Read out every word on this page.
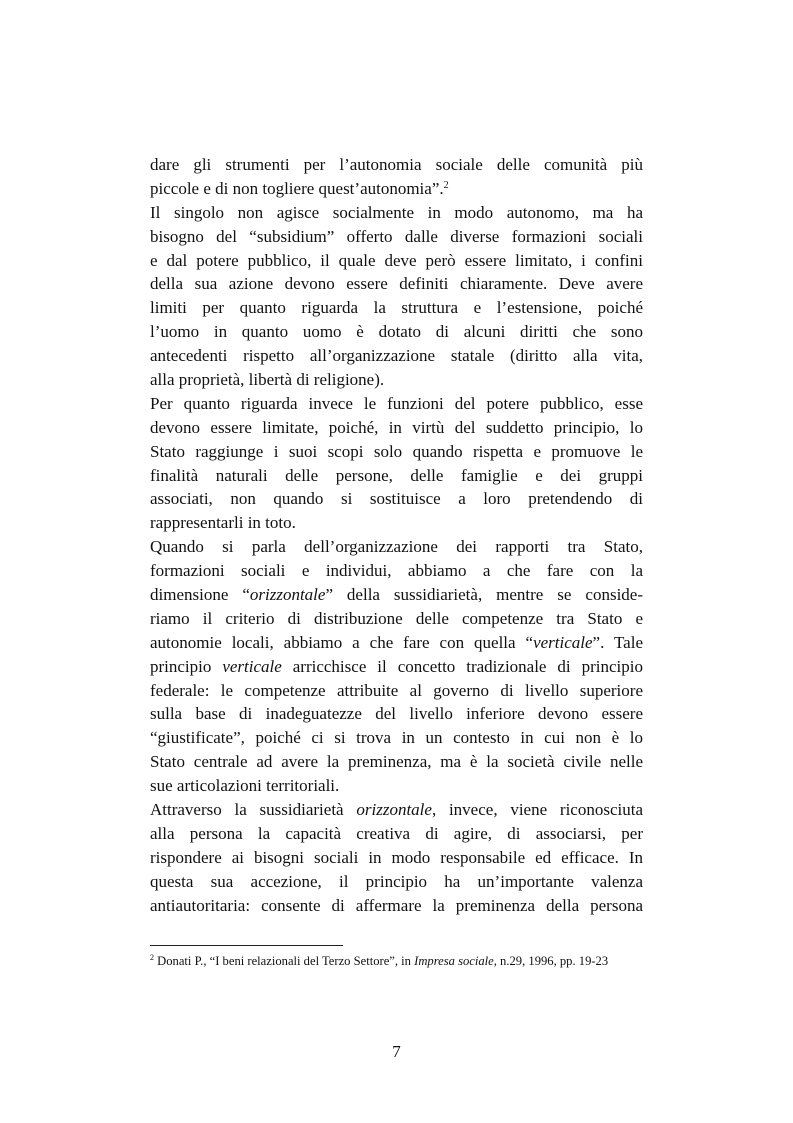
dare gli strumenti per l’autonomia sociale delle comunità più
piccole e di non togliere quest’autonomia”.$^2$
Il singolo non agisce socialmente in modo autonomo, ma ha
bisogno del “subsidium” offerto dalle diverse formazioni sociali
e dal potere pubblico, il quale deve però essere limitato, i confini
della sua azione devono essere definiti chiaramente. Deve avere
limiti per quanto riguarda la struttura e l’estensione, poiché
l’uomo in quanto uomo è dotato di alcuni diritti che sono
antecedenti rispetto all’organizzazione statale (diritto alla vita,
alla proprietà, libertà di religione).
Per quanto riguarda invece le funzioni del potere pubblico, esse
devono essere limitate, poiché, in virtù del suddetto principio, lo
Stato raggiunge i suoi scopi solo quando rispetta e promuove le
finalità naturali delle persone, delle famiglie e dei gruppi
associati, non quando si sostituisce a loro pretendendo di
rappresentarli in toto.
Quando si parla dell’organizzazione dei rapporti tra Stato,
formazioni sociali e individui, abbiamo a che fare con la
dimensione “orizzontale” della sussidiarietà, mentre se conside-
riamo il criterio di distribuzione delle competenze tra Stato e
autonomie locali, abbiamo a che fare con quella “verticale”. Tale
principio verticale arricchisce il concetto tradizionale di principio
federale: le competenze attribuite al governo di livello superiore
sulla base di inadeguatezze del livello inferiore devono essere
“giustificate”, poiché ci si trova in un contesto in cui non è lo
Stato centrale ad avere la preminenza, ma è la società civile nelle
sue articolazioni territoriali.
Attraverso la sussidiarietà orizzontale, invece, viene riconosciuta
alla persona la capacità creativa di agire, di associarsi, per
rispondere ai bisogni sociali in modo responsabile ed efficace. In
questa sua accezione, il principio ha un’importante valenza
antiautoritaria: consente di affermare la preminenza della persona
$^2$ Donati P., “I beni relazionali del Terzo Settore”, in Impresa sociale, n.29, 1996, pp. 19-23
7
